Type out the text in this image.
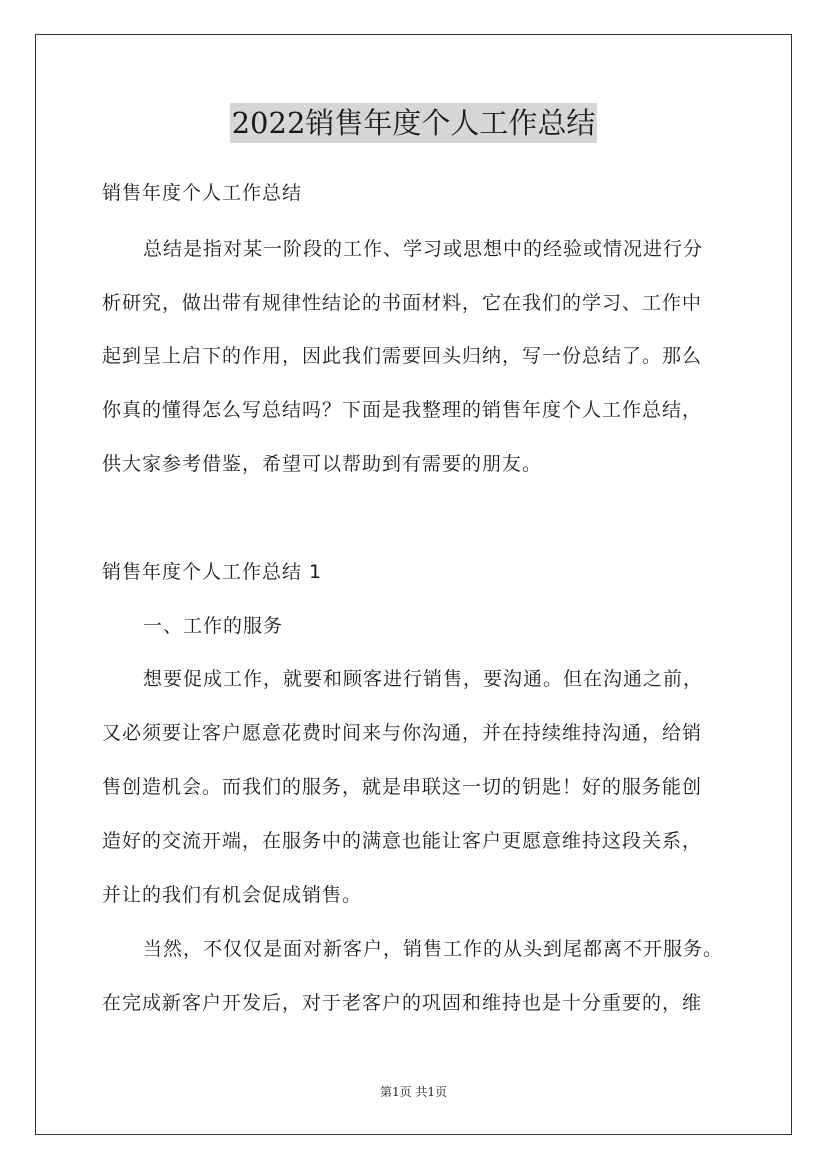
2022销售年度个人工作总结
销售年度个人工作总结
总结是指对某一阶段的工作、学习或思想中的经验或情况进行分
析研究，做出带有规律性结论的书面材料，它在我们的学习、工作中
起到呈上启下的作用，因此我们需要回头归纳，写一份总结了。那么
你真的懂得怎么写总结吗？下面是我整理的销售年度个人工作总结，
供大家参考借鉴，希望可以帮助到有需要的朋友。
销售年度个人工作总结 1
一、工作的服务
想要促成工作，就要和顾客进行销售，要沟通。但在沟通之前，
又必须要让客户愿意花费时间来与你沟通，并在持续维持沟通，给销
售创造机会。而我们的服务，就是串联这一切的钥匙！好的服务能创
造好的交流开端，在服务中的满意也能让客户更愿意维持这段关系，
并让的我们有机会促成销售。
当然，不仅仅是面对新客户，销售工作的从头到尾都离不开服务。
在完成新客户开发后，对于老客户的巩固和维持也是十分重要的，维
第1页 共1页
